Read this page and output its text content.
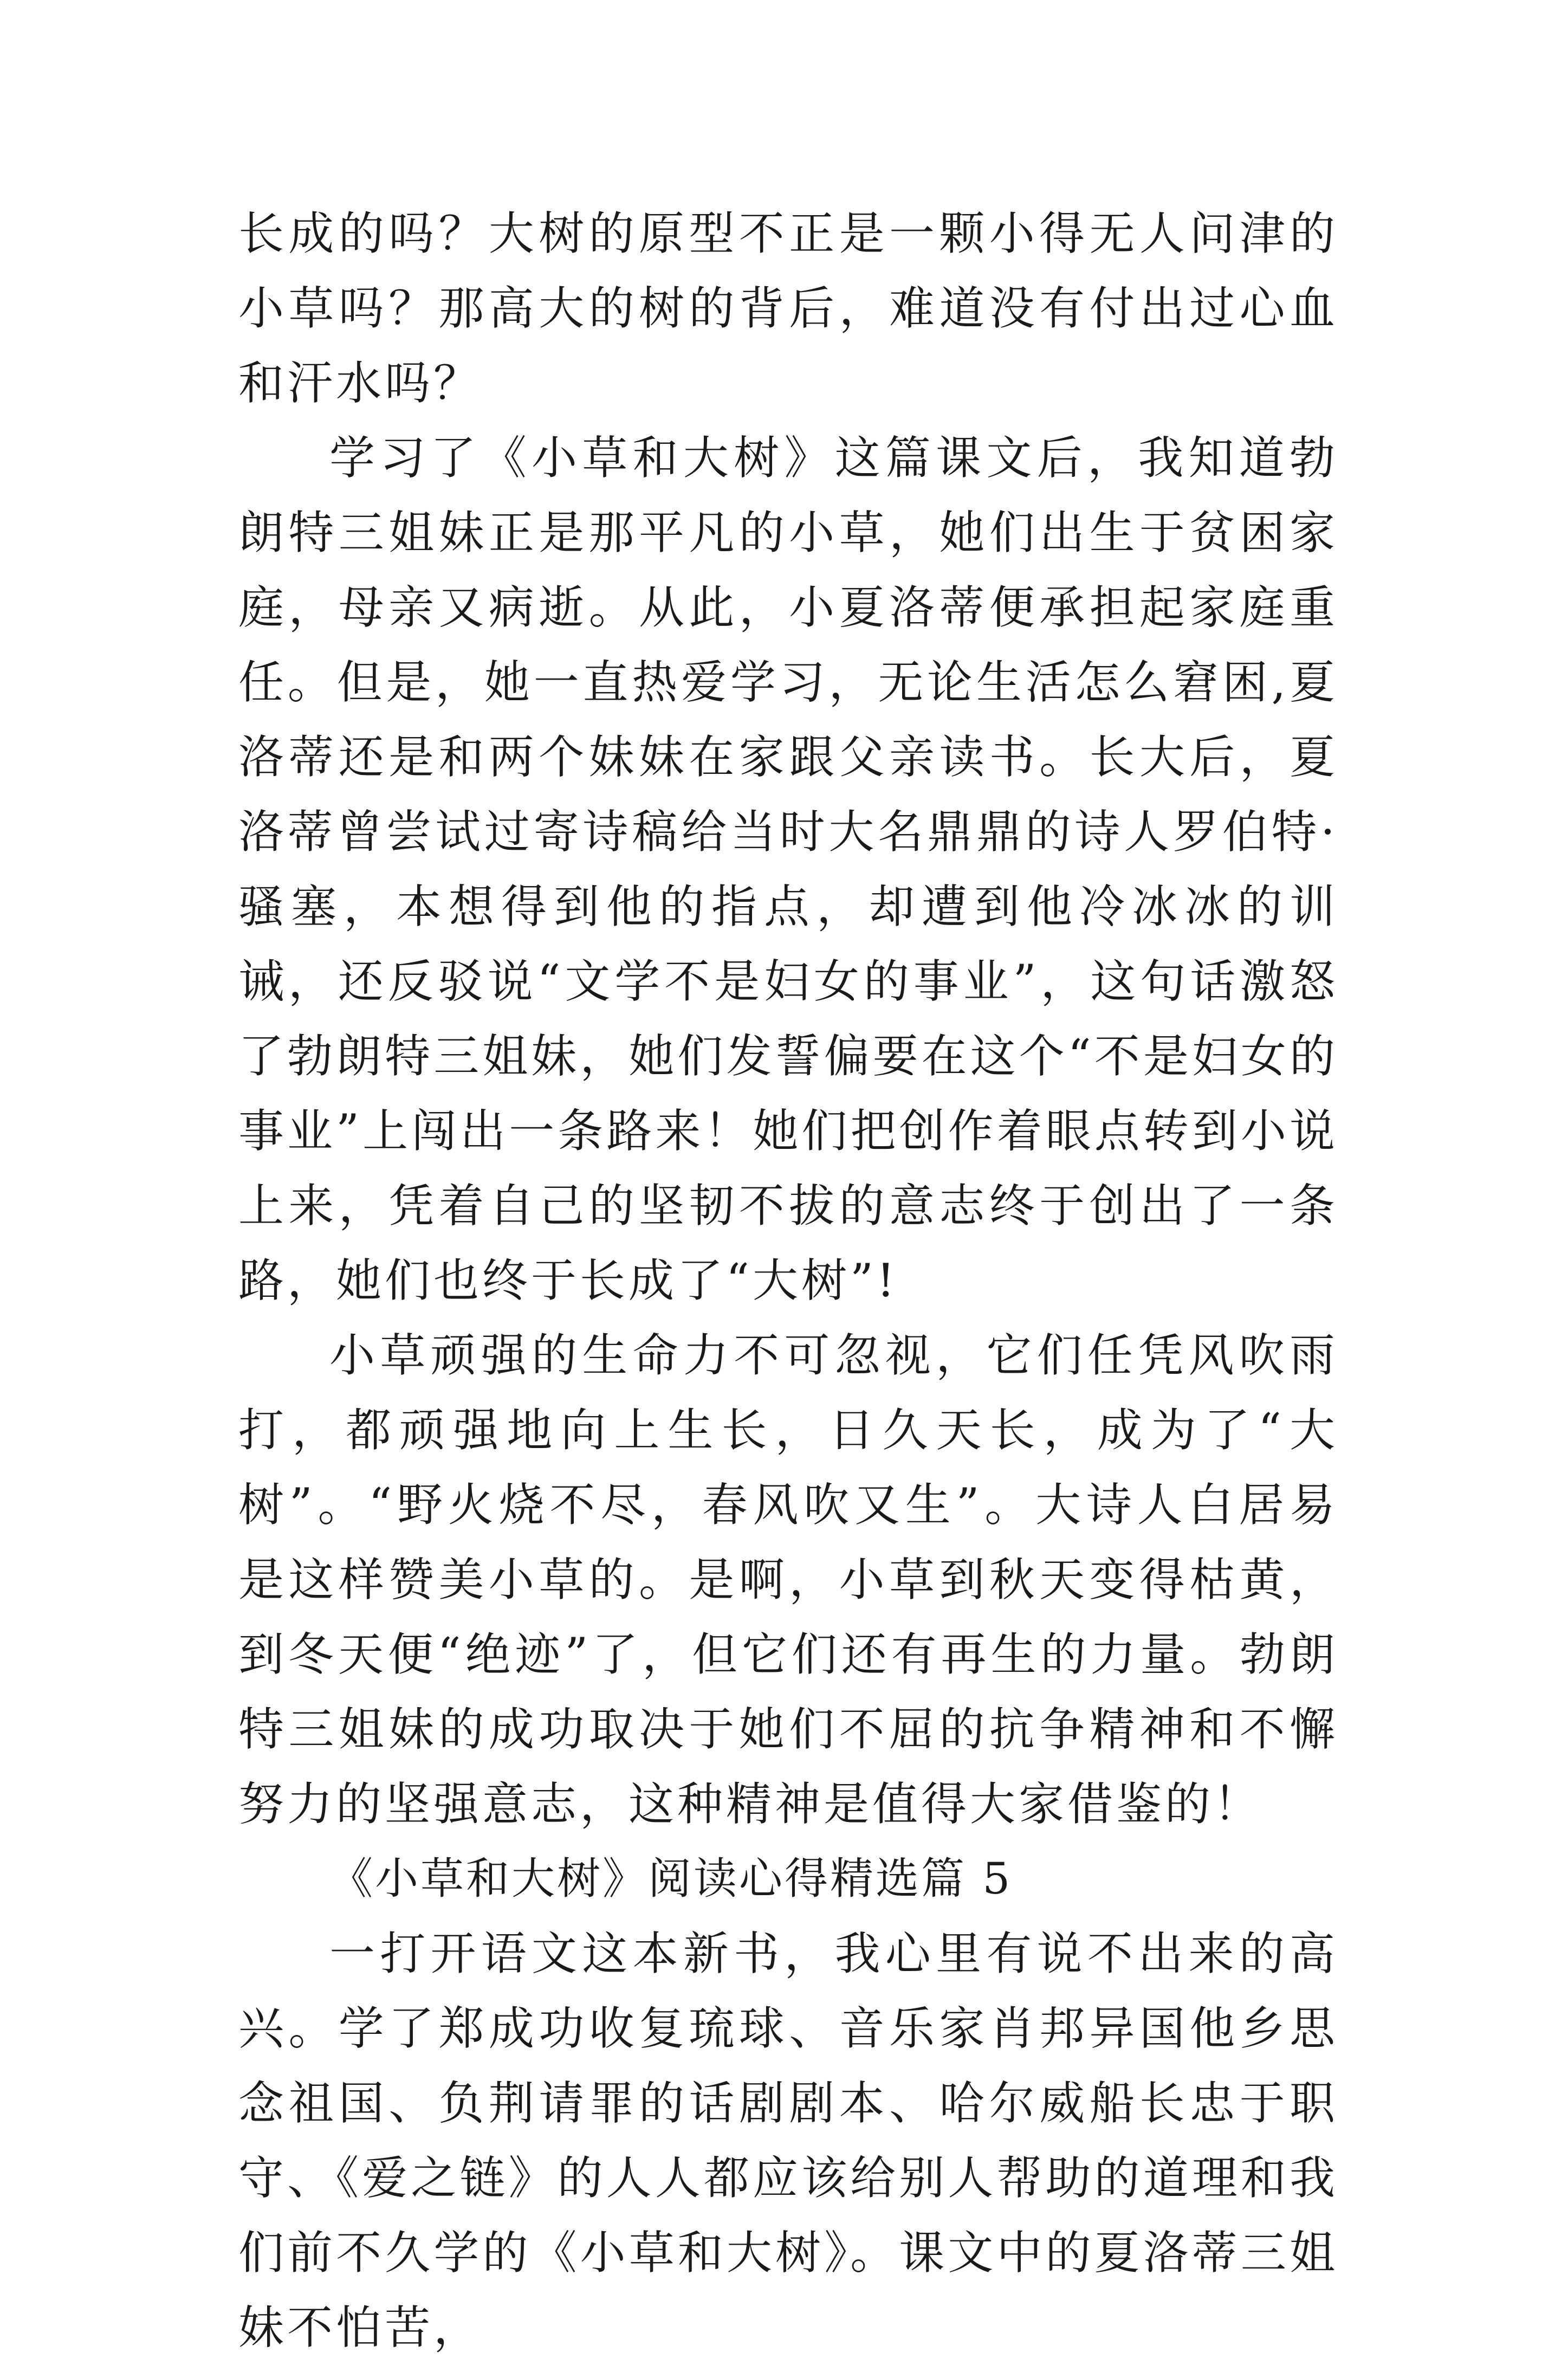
长成的吗？大树的原型不正是一颗小得无人问津的小草吗？那高大的树的背后，难道没有付出过心血和汗水吗？

学习了《小草和大树》这篇课文后，我知道勃朗特三姐妹正是那平凡的小草，她们出生于贫困家庭，母亲又病逝。从此，小夏洛蒂便承担起家庭重任。但是，她一直热爱学习，无论生活怎么窘困,夏洛蒂还是和两个妹妹在家跟父亲读书。长大后，夏洛蒂曾尝试过寄诗稿给当时大名鼎鼎的诗人罗伯特·骚塞，本想得到他的指点，却遭到他冷冰冰的训诫，还反驳说“文学不是妇女的事业”，这句话激怒了勃朗特三姐妹，她们发誓偏要在这个“不是妇女的事业”上闯出一条路来！她们把创作着眼点转到小说上来，凭着自己的坚韧不拔的意志终于创出了一条路，她们也终于长成了“大树”!

小草顽强的生命力不可忽视，它们任凭风吹雨打，都顽强地向上生长，日久天长，成为了“大树”。“野火烧不尽，春风吹又生”。大诗人白居易是这样赞美小草的。是啊，小草到秋天变得枯黄，到冬天便“绝迹”了，但它们还有再生的力量。勃朗特三姐妹的成功取决于她们不屈的抗争精神和不懈努力的坚强意志，这种精神是值得大家借鉴的！

《小草和大树》阅读心得精选篇 5

一打开语文这本新书，我心里有说不出来的高兴。学了郑成功收复琉球、音乐家肖邦异国他乡思念祖国、负荆请罪的话剧剧本、哈尔威船长忠于职守、《爱之链》的人人都应该给别人帮助的道理和我们前不久学的《小草和大树》。课文中的夏洛蒂三姐妹不怕苦，
